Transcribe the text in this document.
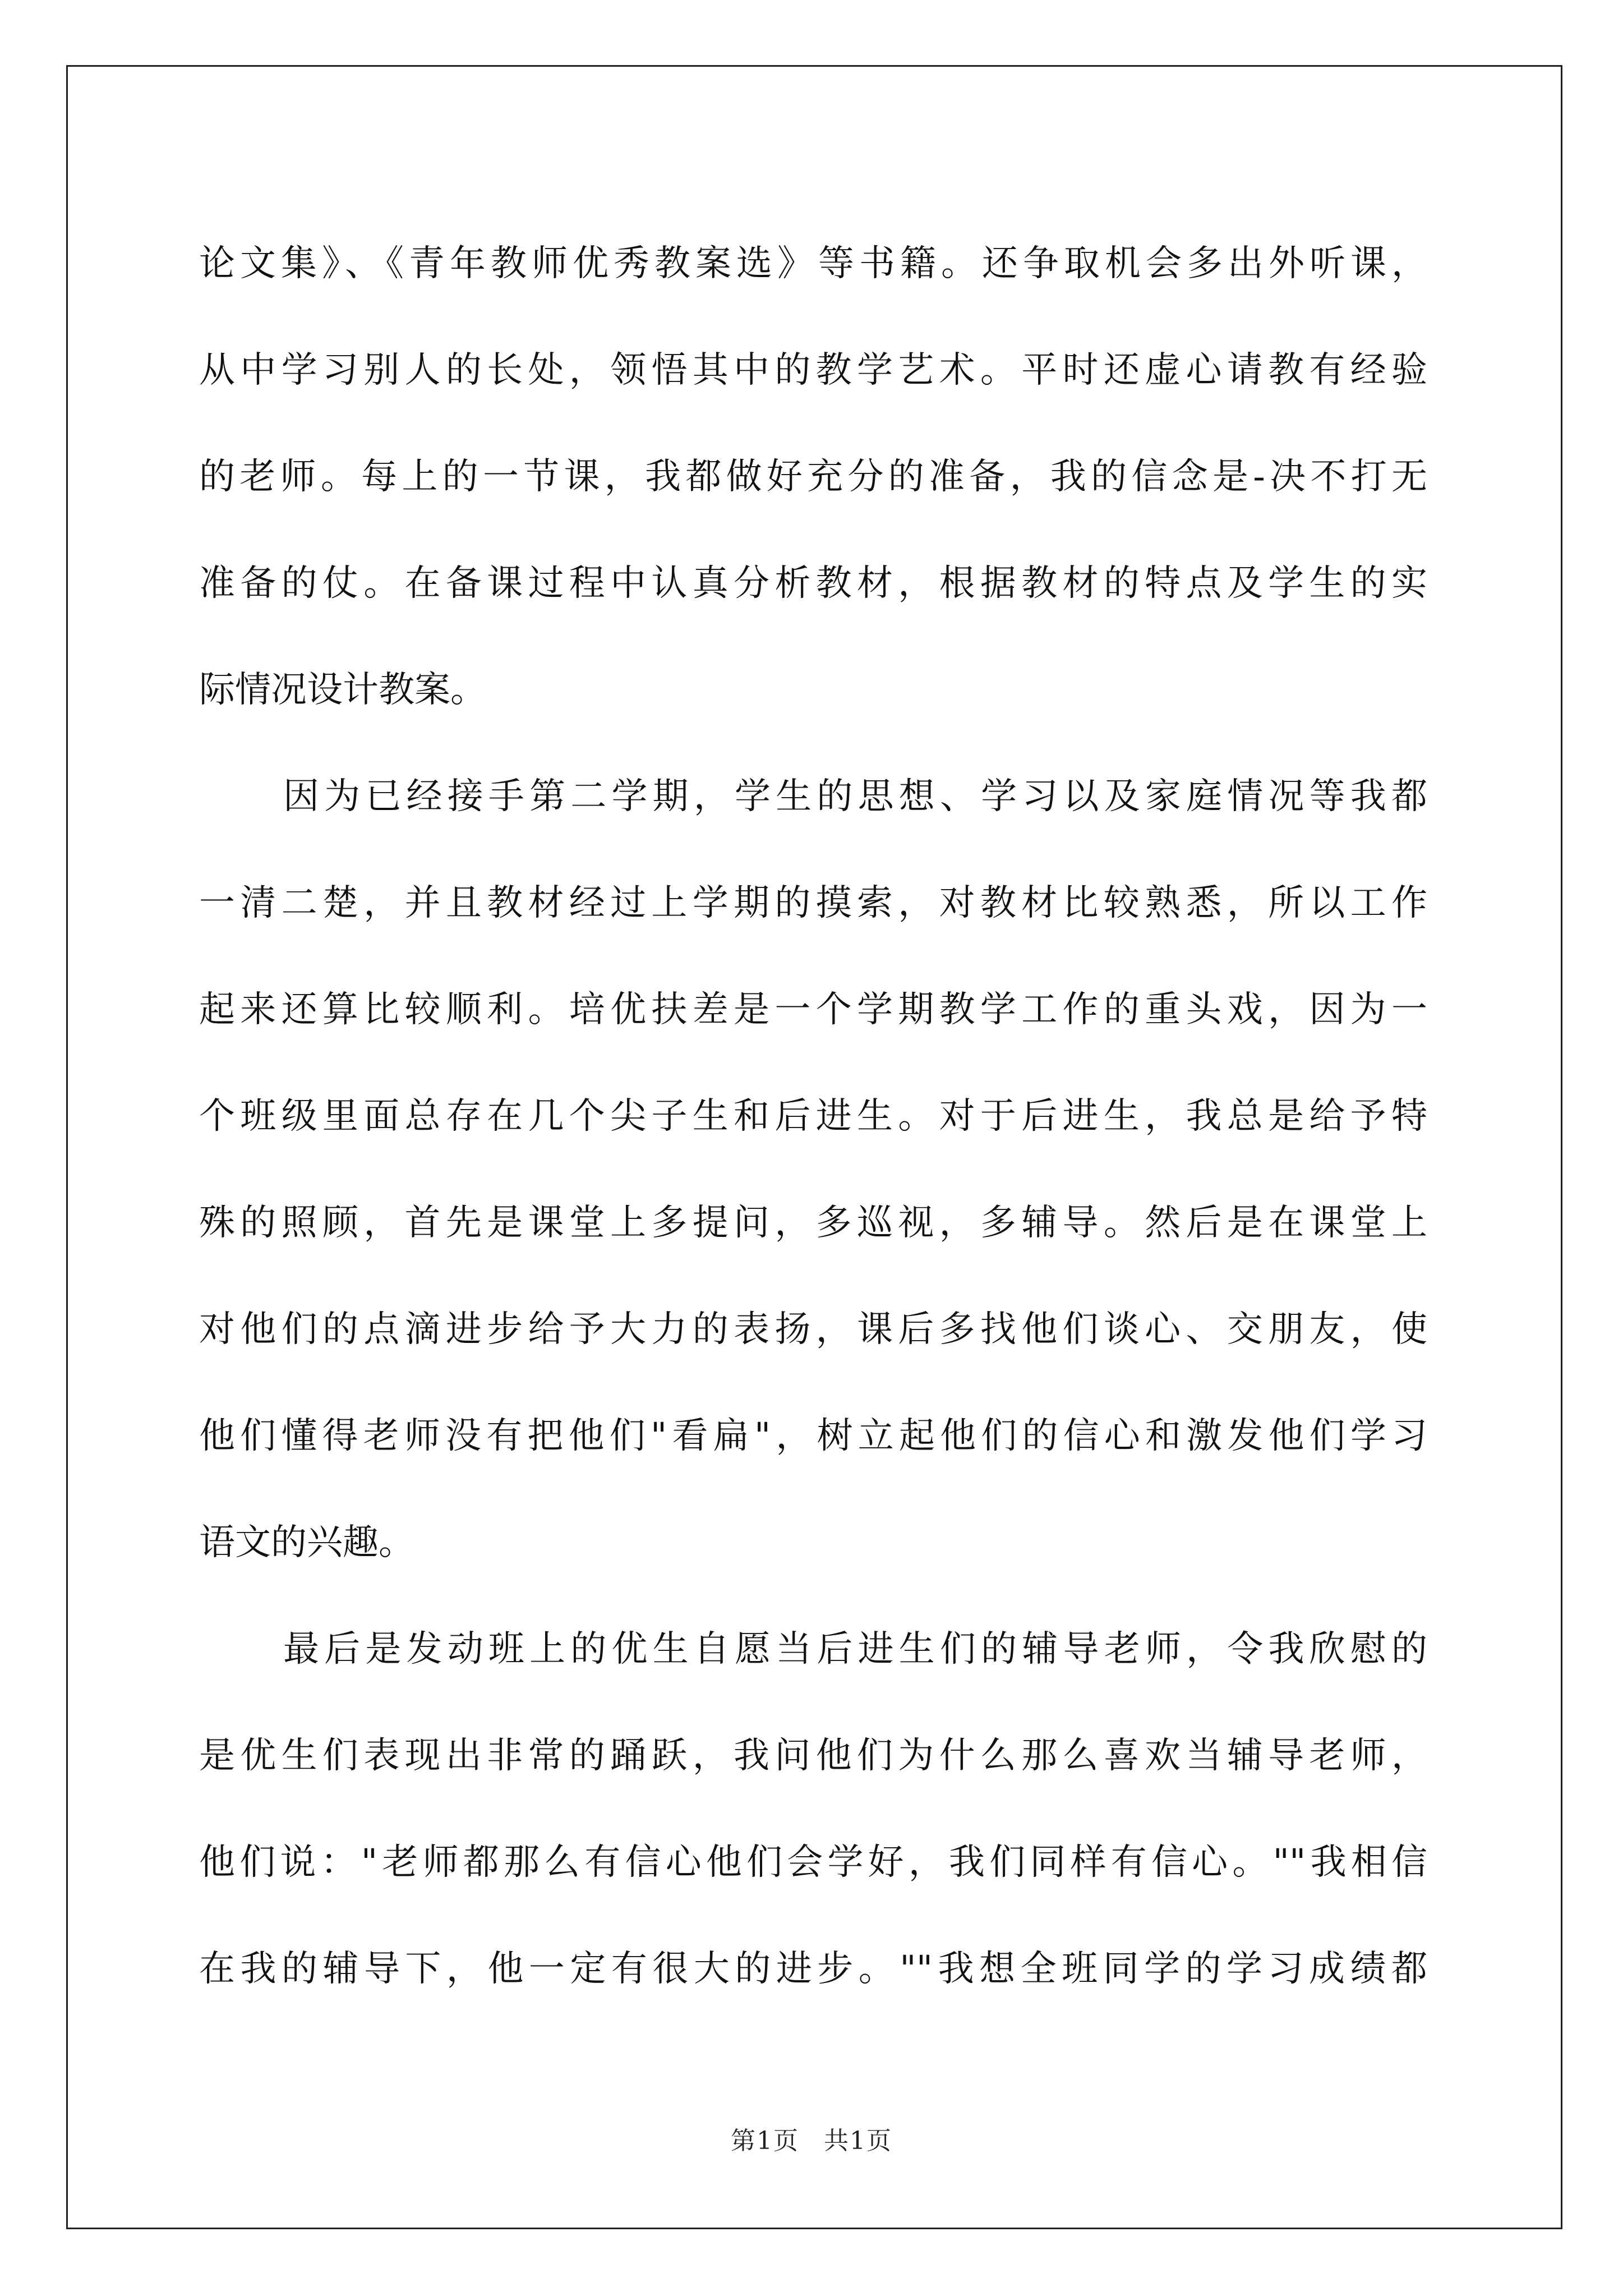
论文集》、《青年教师优秀教案选》等书籍。还争取机会多出外听课，
从中学习别人的长处，领悟其中的教学艺术。平时还虚心请教有经验
的老师。每上的一节课，我都做好充分的准备，我的信念是-决不打无
准备的仗。在备课过程中认真分析教材，根据教材的特点及学生的实
际情况设计教案。
因为已经接手第二学期，学生的思想、学习以及家庭情况等我都
一清二楚，并且教材经过上学期的摸索，对教材比较熟悉，所以工作
起来还算比较顺利。培优扶差是一个学期教学工作的重头戏，因为一
个班级里面总存在几个尖子生和后进生。对于后进生，我总是给予特
殊的照顾，首先是课堂上多提问，多巡视，多辅导。然后是在课堂上
对他们的点滴进步给予大力的表扬，课后多找他们谈心、交朋友，使
他们懂得老师没有把他们"看扁"，树立起他们的信心和激发他们学习
语文的兴趣。
最后是发动班上的优生自愿当后进生们的辅导老师，令我欣慰的
是优生们表现出非常的踊跃，我问他们为什么那么喜欢当辅导老师，
他们说："老师都那么有信心他们会学好，我们同样有信心。""我相信
在我的辅导下，他一定有很大的进步。""我想全班同学的学习成绩都
第1页 共1页
